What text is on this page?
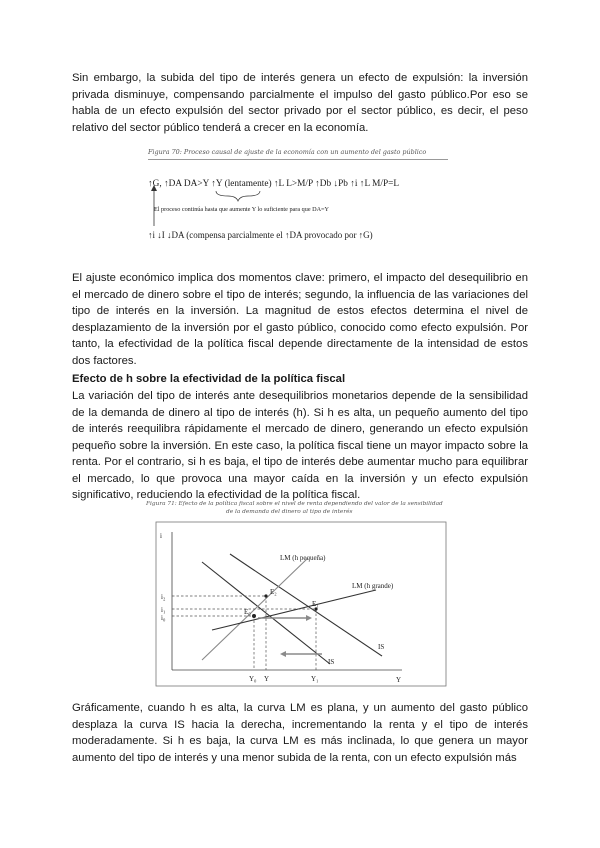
Sin embargo, la subida del tipo de interés genera un efecto de expulsión: la inversión privada disminuye, compensando parcialmente el impulso del gasto público.Por eso se habla de un efecto expulsión del sector privado por el sector público, es decir, el peso relativo del sector público tenderá a crecer en la economía.

Figura 70: Proceso causal de ajuste de la economía con un aumento del gasto público
↑G, ↑DA DA>Y ↑Y (lentamente) ↑L L>M/P ↑Db ↓Pb ↑i ↑L M/P=L
El proceso continúa hasta que aumente Y lo suficiente para que DA=Y
↑i ↓I ↓DA (compensa parcialmente el ↑DA provocado por ↑G)

El ajuste económico implica dos momentos clave: primero, el impacto del desequilibrio en el mercado de dinero sobre el tipo de interés; segundo, la influencia de las variaciones del tipo de interés en la inversión. La magnitud de estos efectos determina el nivel de desplazamiento de la inversión por el gasto público, conocido como efecto expulsión. Por tanto, la efectividad de la política fiscal depende directamente de la intensidad de estos dos factores.

Efecto de h sobre la efectividad de la política fiscal

La variación del tipo de interés ante desequilibrios monetarios depende de la sensibilidad de la demanda de dinero al tipo de interés (h). Si h es alta, un pequeño aumento del tipo de interés reequilibra rápidamente el mercado de dinero, generando un efecto expulsión pequeño sobre la inversión. En este caso, la política fiscal tiene un mayor impacto sobre la renta. Por el contrario, si h es baja, el tipo de interés debe aumentar mucho para equilibrar el mercado, lo que provoca una mayor caída en la inversión y un efecto expulsión significativo, reduciendo la efectividad de la política fiscal.

Figura 71: Efecto de la política fiscal sobre el nivel de renta dependiendo del valor de la sensibilidad
de la demanda del dinero al tipo de interés
i
Y
i₂
i₁
i₀
E₀
E₁
E₂
LM (h pequeña)
LM (h grande)
IS
IS
Y₀ Y	Y₁

Gráficamente, cuando h es alta, la curva LM es plana, y un aumento del gasto público desplaza la curva IS hacia la derecha, incrementando la renta y el tipo de interés moderadamente. Si h es baja, la curva LM es más inclinada, lo que genera un mayor aumento del tipo de interés y una menor subida de la renta, con un efecto expulsión más
